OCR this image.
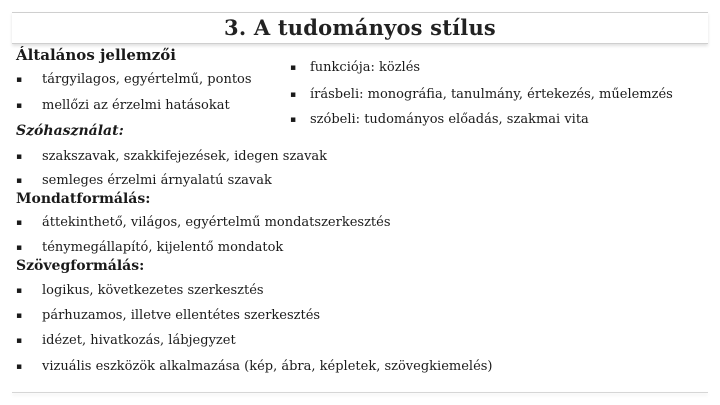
3. A tudományos stílus
Általános jellemzői
▪ tárgyilagos, egyértelmű, pontos
▪ mellőzi az érzelmi hatásokat
▪ funkciója: közlés
▪ írásbeli: monográfia, tanulmány, értekezés, műelemzés
▪ szóbeli: tudományos előadás, szakmai vita
Szóhasználat:
▪ szakszavak, szakkifejezések, idegen szavak
▪ semleges érzelmi árnyalatú szavak
Mondatformálás:
▪ áttekinthető, világos, egyértelmű mondatszerkesztés
▪ ténymegállapító, kijelentő mondatok
Szövegformálás:
▪ logikus, következetes szerkesztés
▪ párhuzamos, illetve ellentétes szerkesztés
▪ idézet, hivatkozás, lábjegyzet
▪ vizuális eszközök alkalmazása (kép, ábra, képletek, szövegkiemelés)
